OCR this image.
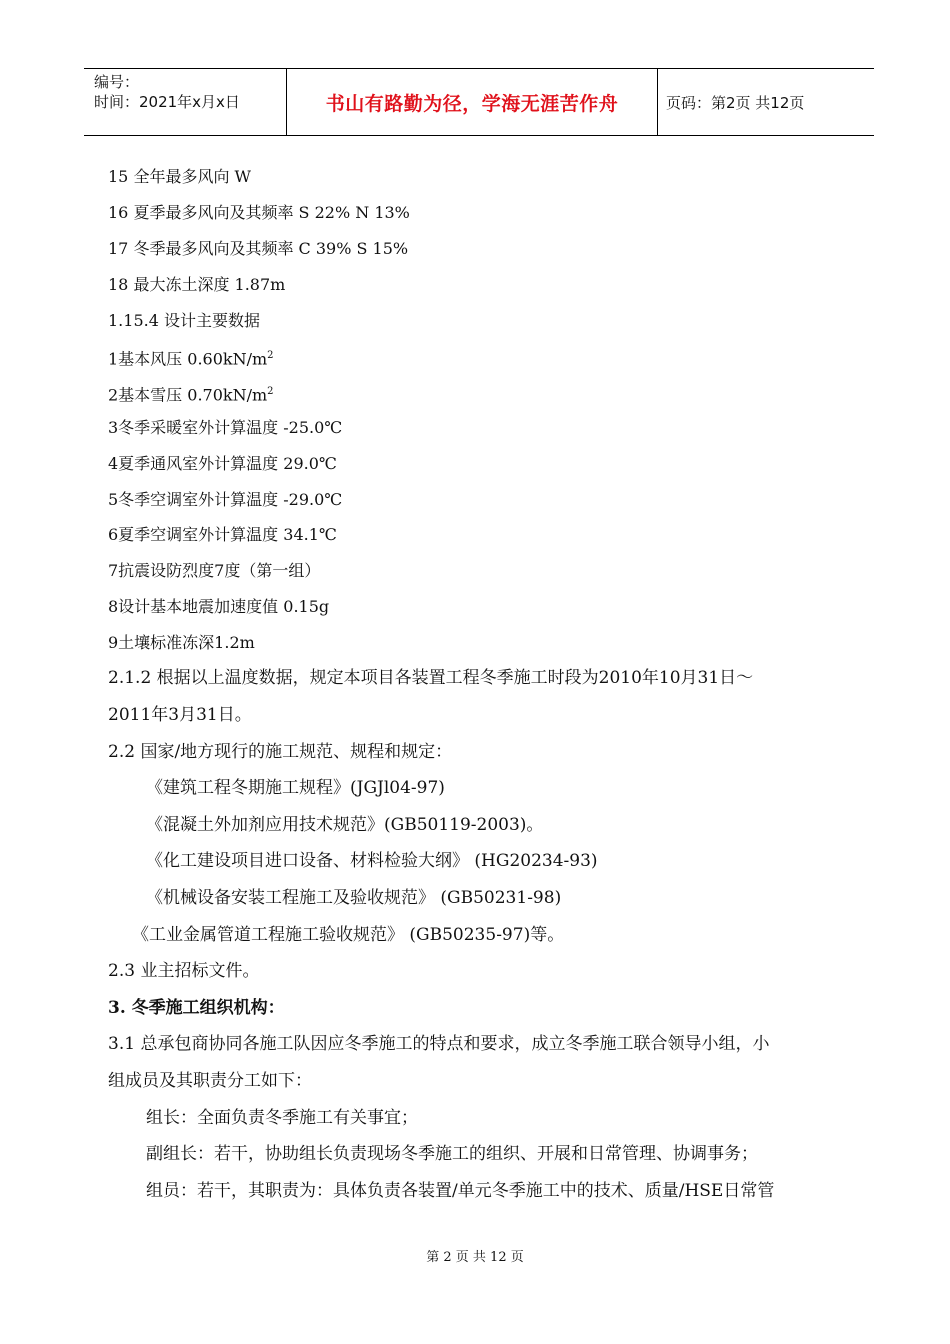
编号：
时间：2021年x月x日	书山有路勤为径，学海无涯苦作舟	页码：第2页 共12页
15 全年最多风向 W
16 夏季最多风向及其频率 S 22% N 13%
17 冬季最多风向及其频率 C 39% S 15%
18 最大冻土深度 1.87m
1.15.4 设计主要数据
1基本风压 $0.60kN/m^2$
2基本雪压 $0.70kN/m^2$
3冬季采暖室外计算温度 -25.0℃
4夏季通风室外计算温度 29.0℃
5冬季空调室外计算温度 -29.0℃
6夏季空调室外计算温度 34.1℃
7抗震设防烈度7度（第一组）
8设计基本地震加速度值 0.15g
9土壤标准冻深1.2m
2.1.2 根据以上温度数据，规定本项目各装置工程冬季施工时段为2010年10月31日～
2011年3月31日。
2.2 国家/地方现行的施工规范、规程和规定：
《建筑工程冬期施工规程》(JGJl04-97)
《混凝土外加剂应用技术规范》(GB50119-2003)。
《化工建设项目进口设备、材料检验大纲》 (HG20234-93)
《机械设备安装工程施工及验收规范》 (GB50231-98)
《工业金属管道工程施工验收规范》 (GB50235-97)等。
2.3 业主招标文件。
3. 冬季施工组织机构：
3.1 总承包商协同各施工队因应冬季施工的特点和要求，成立冬季施工联合领导小组，小
组成员及其职责分工如下：
组长：全面负责冬季施工有关事宜；
副组长：若干，协助组长负责现场冬季施工的组织、开展和日常管理、协调事务；
组员：若干，其职责为：具体负责各装置/单元冬季施工中的技术、质量/HSE日常管
第 2 页 共 12 页
